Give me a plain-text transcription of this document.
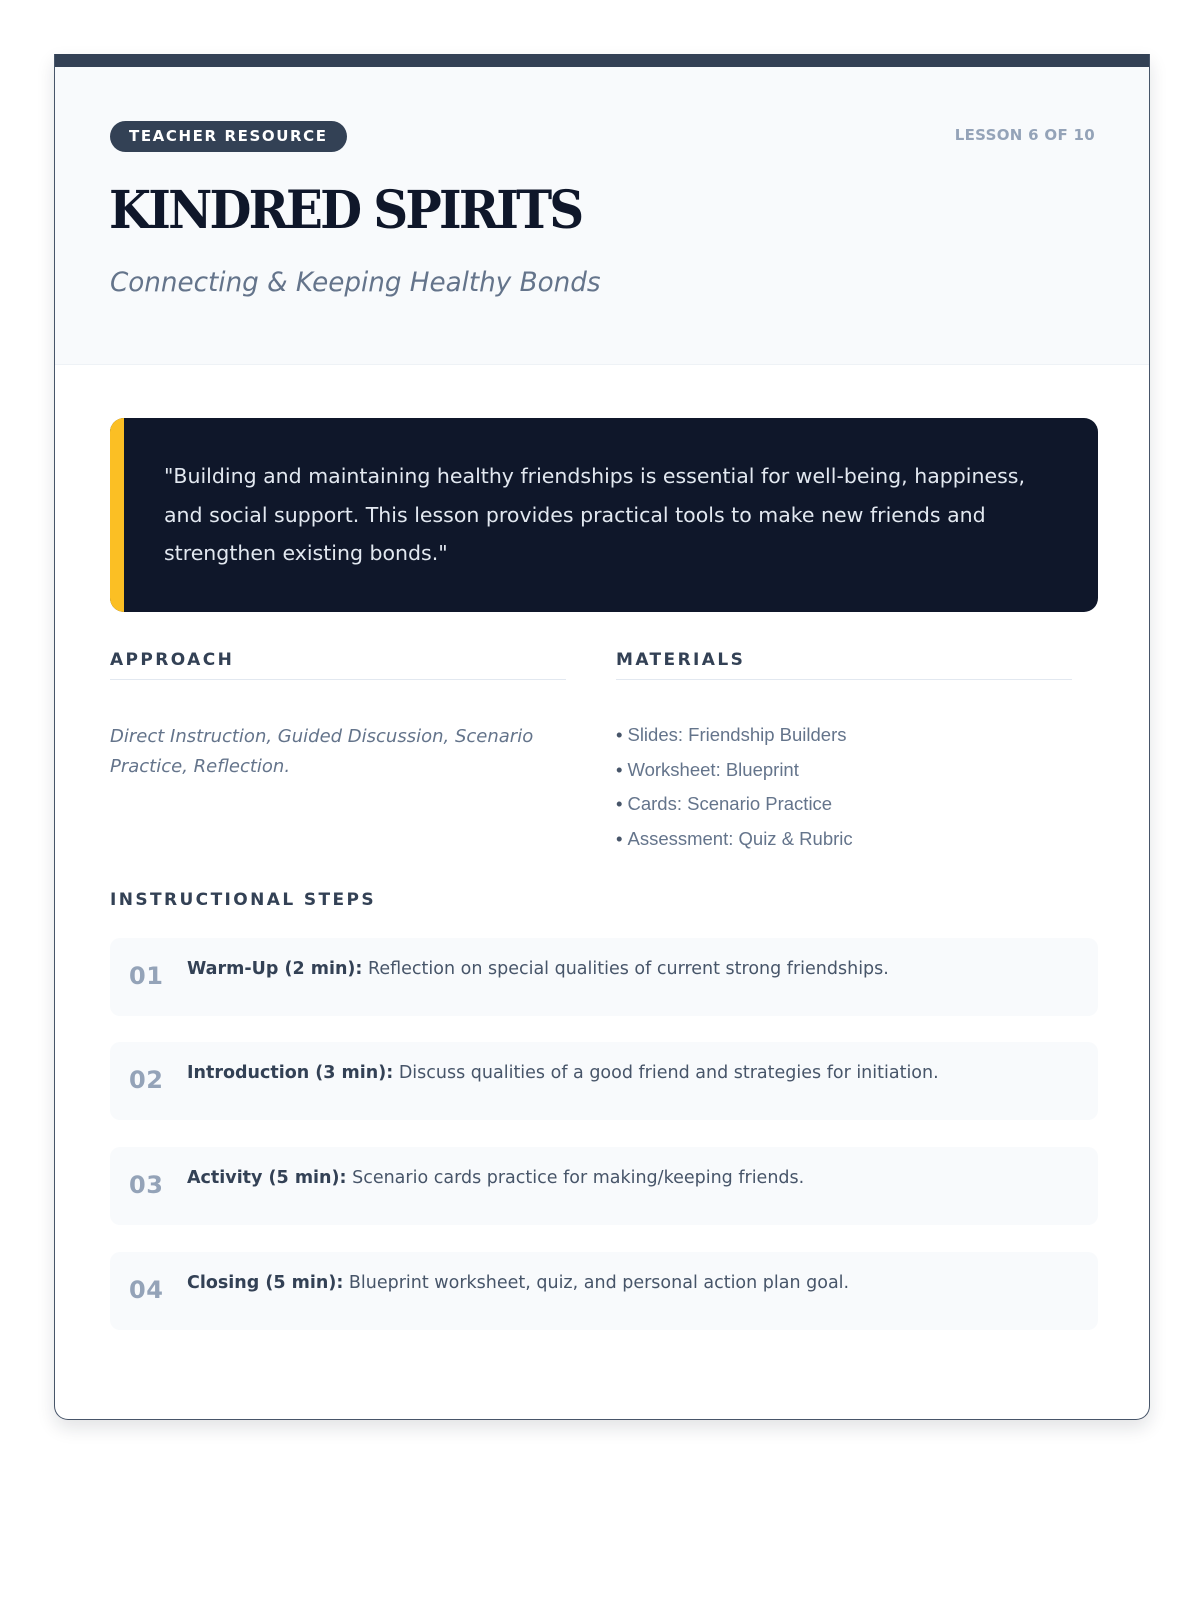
TEACHER RESOURCE	LESSON 6 OF 10
KINDRED SPIRITS
Connecting & Keeping Healthy Bonds

"Building and maintaining healthy friendships is essential for well-being, happiness, and social support. This lesson provides practical tools to make new friends and strengthen existing bonds."

APPROACH

Direct Instruction, Guided Discussion, Scenario Practice, Reflection.

MATERIALS
• Slides: Friendship Builders
• Worksheet: Blueprint
• Cards: Scenario Practice
• Assessment: Quiz & Rubric
INSTRUCTIONAL STEPS
01 Warm-Up (2 min): Reflection on special qualities of current strong friendships.
02 Introduction (3 min): Discuss qualities of a good friend and strategies for initiation.
03 Activity (5 min): Scenario cards practice for making/keeping friends.
04 Closing (5 min): Blueprint worksheet, quiz, and personal action plan goal.
